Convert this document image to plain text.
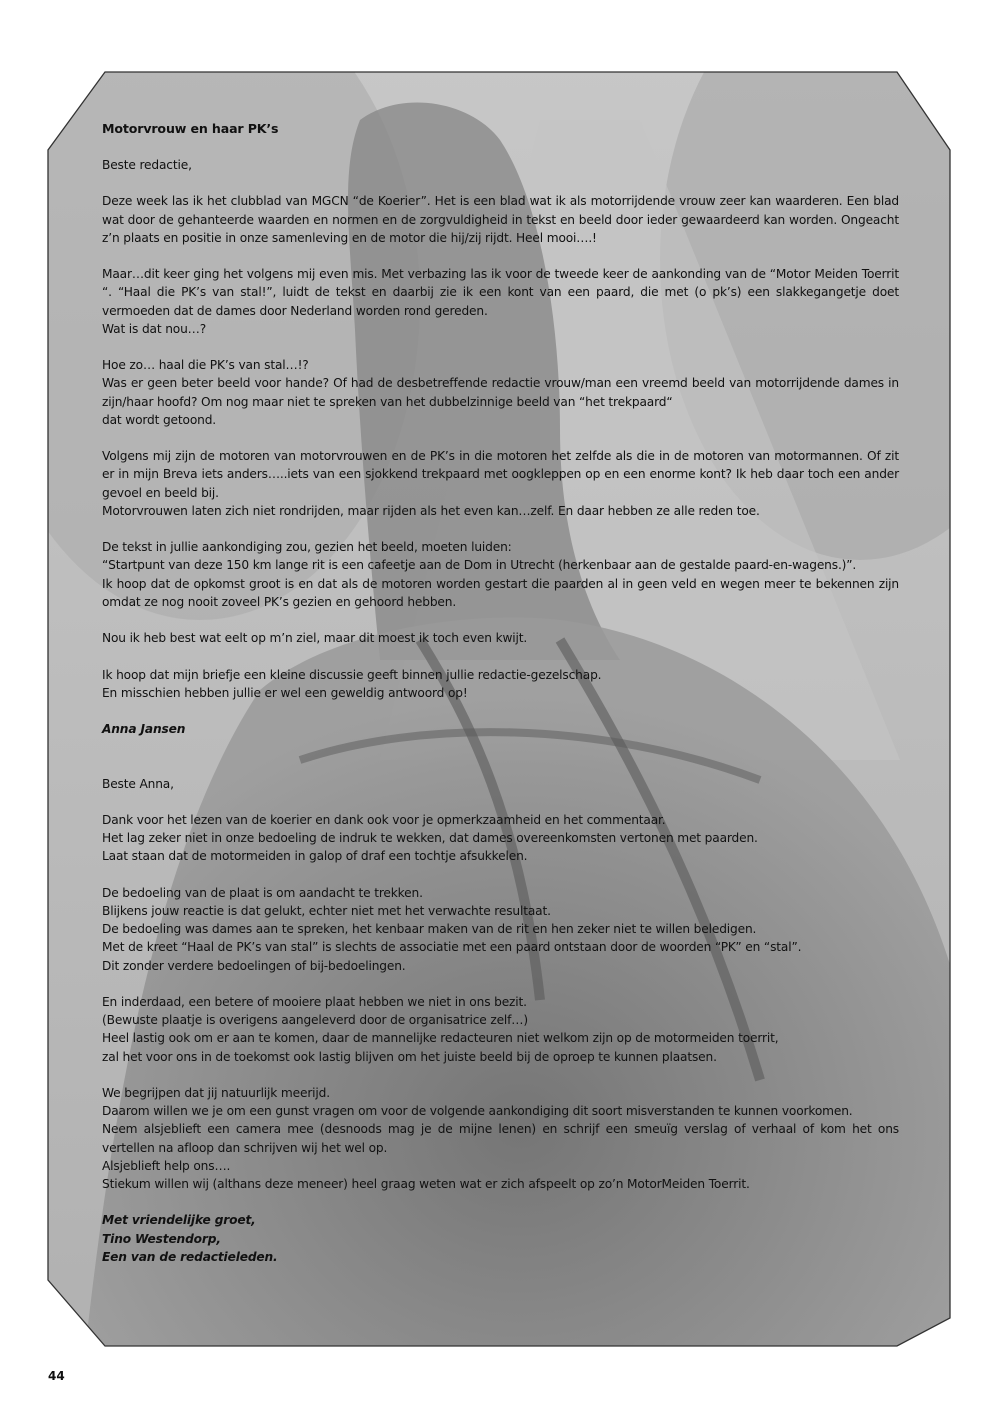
Motorvrouw en haar PK’s

Beste redactie,

Deze week las ik het clubblad van MGCN “de Koerier”. Het is een blad wat ik als motorrijdende vrouw zeer kan waarderen. Een blad wat door de gehanteerde waarden en normen en de zorgvuldigheid in tekst en beeld door ieder gewaardeerd kan worden. Ongeacht z’n plaats en positie in onze samenleving en de motor die hij/zij rijdt. Heel mooi….!

Maar…dit keer ging het volgens mij even mis. Met verbazing las ik voor de tweede keer de aankonding van de “Motor Meiden Toerrit “. “Haal die PK’s van stal!”, luidt de tekst en daarbij zie ik een kont van een paard, die met (o pk’s) een slakkegangetje doet vermoeden dat de dames door Nederland worden rond gereden.
Wat is dat nou…?

Hoe zo… haal die PK’s van stal…!?
Was er geen beter beeld voor hande? Of had de desbetreffende redactie vrouw/man een vreemd beeld van motorrijdende dames in zijn/haar hoofd? Om nog maar niet te spreken van het dubbelzinnige beeld van “het trekpaard“
dat wordt getoond.

Volgens mij zijn de motoren van motorvrouwen en de PK’s in die motoren het zelfde als die in de motoren van motormannen. Of zit er in mijn Breva iets anders…..iets van een sjokkend trekpaard met oogkleppen op en een enorme kont? Ik heb daar toch een ander gevoel en beeld bij.
Motorvrouwen laten zich niet rondrijden, maar rijden als het even kan…zelf. En daar hebben ze alle reden toe.

De tekst in jullie aankondiging zou, gezien het beeld, moeten luiden:
“Startpunt van deze 150 km lange rit is een cafeetje aan de Dom in Utrecht (herkenbaar aan de gestalde paard-en-wagens.)”.
Ik hoop dat de opkomst groot is en dat als de motoren worden gestart die paarden al in geen veld en wegen meer te bekennen zijn omdat ze nog nooit zoveel PK’s gezien en gehoord hebben.

Nou ik heb best wat eelt op m’n ziel, maar dit moest ik toch even kwijt.

Ik hoop dat mijn briefje een kleine discussie geeft binnen jullie redactie-gezelschap.
En misschien hebben jullie er wel een geweldig antwoord op!

Anna Jansen

Beste Anna,

Dank voor het lezen van de koerier en dank ook voor je opmerkzaamheid en het commentaar.
Het lag zeker niet in onze bedoeling de indruk te wekken, dat dames overeenkomsten vertonen met paarden.
Laat staan dat de motormeiden in galop of draf een tochtje afsukkelen.

De bedoeling van de plaat is om aandacht te trekken.
Blijkens jouw reactie is dat gelukt, echter niet met het verwachte resultaat.
De bedoeling was dames aan te spreken, het kenbaar maken van de rit en hen zeker niet te willen beledigen.
Met de kreet “Haal de PK’s van stal” is slechts de associatie met een paard ontstaan door de woorden “PK” en “stal”.
Dit zonder verdere bedoelingen of bij-bedoelingen.

En inderdaad, een betere of mooiere plaat hebben we niet in ons bezit.
(Bewuste plaatje is overigens aangeleverd door de organisatrice zelf…)
Heel lastig ook om er aan te komen, daar de mannelijke redacteuren niet welkom zijn op de motormeiden toerrit,
zal het voor ons in de toekomst ook lastig blijven om het juiste beeld bij de oproep te kunnen plaatsen.

We begrijpen dat jij natuurlijk meerijd.
Daarom willen we je om een gunst vragen om voor de volgende aankondiging dit soort misverstanden te kunnen voorkomen.
Neem alsjeblieft een camera mee (desnoods mag je de mijne lenen) en schrijf een smeuïg verslag of verhaal of kom het ons vertellen na afloop dan schrijven wij het wel op.
Alsjeblieft help ons….
Stiekum willen wij (althans deze meneer) heel graag weten wat er zich afspeelt op zo’n MotorMeiden Toerrit.

Met vriendelijke groet,
Tino Westendorp,
Een van de redactieleden.

44
